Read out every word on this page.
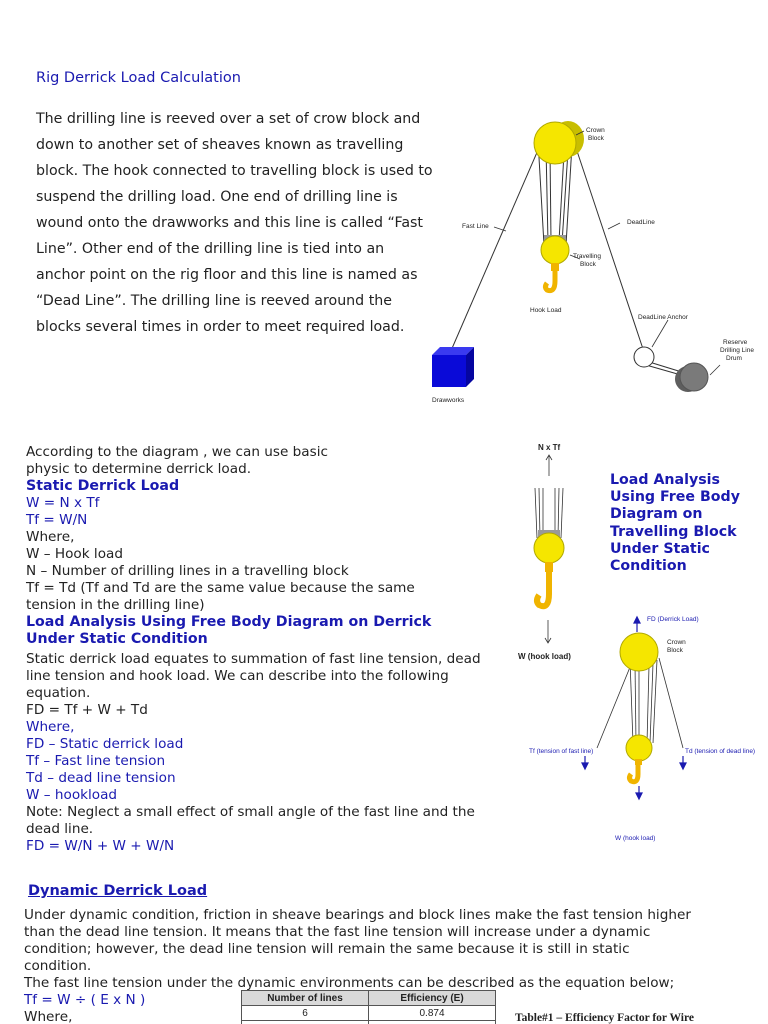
Rig Derrick Load Calculation
The drilling line is reeved over a set of crow block and
down to another set of sheaves known as travelling
block. The hook connected to travelling block is used to
suspend the drilling load. One end of drilling line is
wound onto the drawworks and this line is called “Fast
Line”. Other end of the drilling line is tied into an
anchor point on the rig floor and this line is named as
“Dead Line”. The drilling line is reeved around the
blocks several times in order to meet required load.
Crown
Block
Fast Line
DeadLine
Travelling
Block
Hook Load
DeadLine Anchor
Reserve
Drilling Line
Drum
Drawworks
According to the diagram , we can use basic
physic to determine derrick load.
Static Derrick Load
W = N x Tf
Tf = W/N
Where,
W – Hook load
N – Number of drilling lines in a travelling block
Tf = Td (Tf and Td are the same value because the same
tension in the drilling line)
Load Analysis Using Free Body Diagram on Derrick
Under Static Condition
Static derrick load equates to summation of fast line tension, dead
line tension and hook load. We can describe into the following
equation.
FD = Tf + W + Td
Where,
FD – Static derrick load
Tf – Fast line tension
Td – dead line tension
W – hookload
Note: Neglect a small effect of small angle of the fast line and the
dead line.
FD = W/N + W + W/N
Load Analysis Using Free Body Diagram on Travelling Block Under Static Condition
N x Tf
W (hook load)
FD (Derrick Load)
Crown
Block
Tf (tension of fast line)	Td (tension of dead line)
W (hook load)
Dynamic Derrick Load
Under dynamic condition, friction in sheave bearings and block lines make the fast tension higher
than the dead line tension. It means that the fast line tension will increase under a dynamic
condition; however, the dead line tension will remain the same because it is still in static
condition.
The fast line tension under the dynamic environments can be described as the equation below;
Tf = W ÷ ( E x N )
Where,
Number of lines	Efficiency (E)
6	0.874
		Table#1 – Efficiency Factor for Wire
